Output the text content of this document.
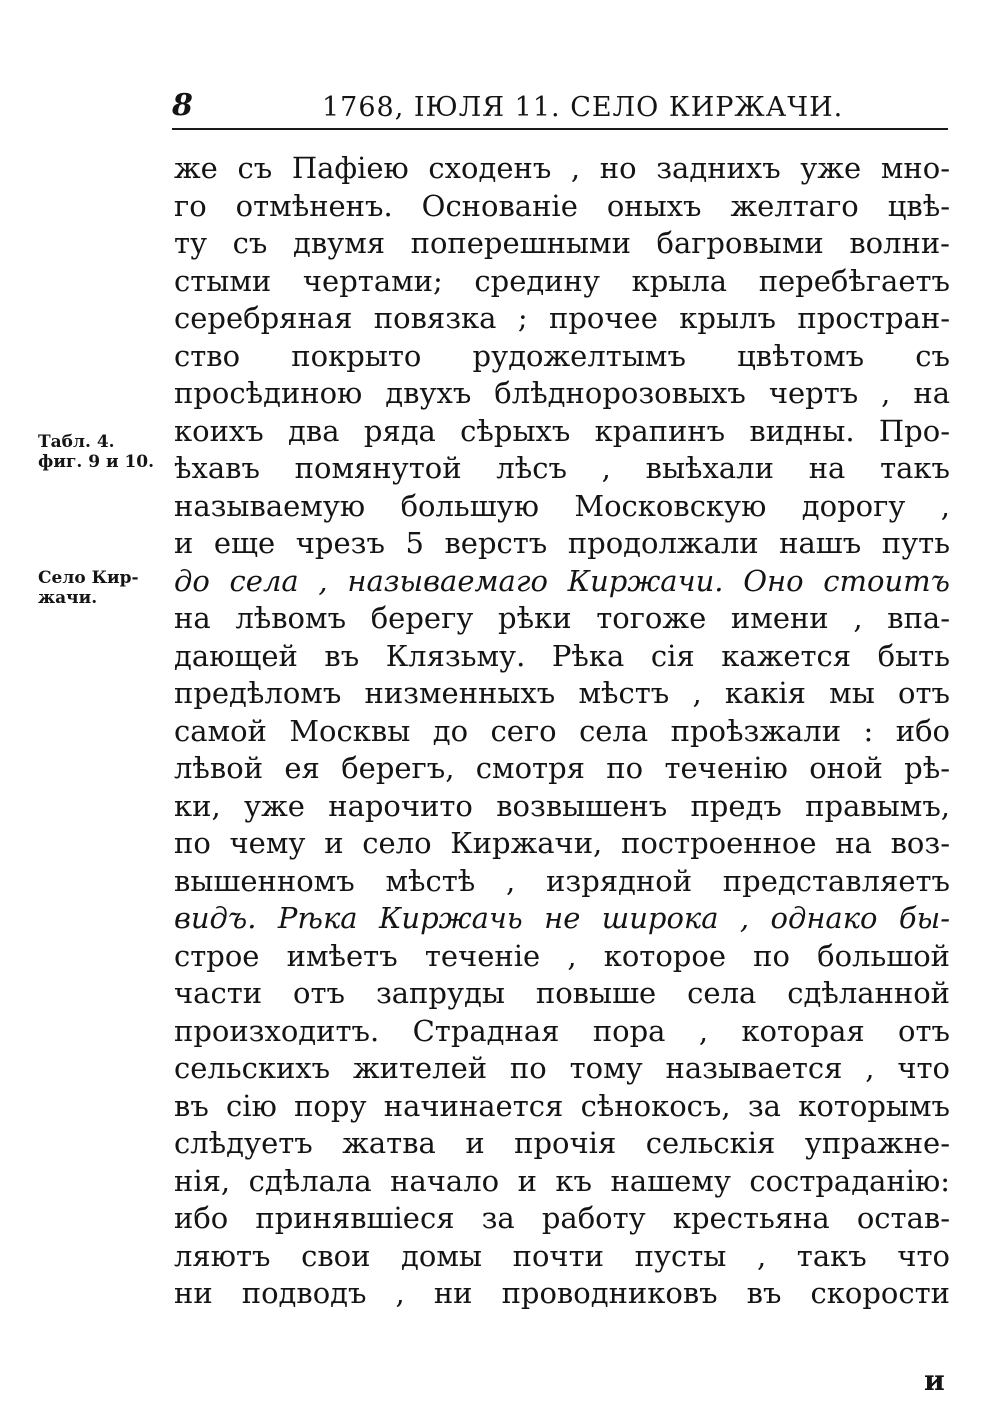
8	1768, ІЮЛЯ 11. СЕЛО КИРЖАЧИ.
Табл. 4.
фиг. 9 и 10.
Село Кир-
жачи.
же съ Пафіею сходенъ , но заднихъ уже мно-
го отмѣненъ. Основаніе оныхъ желтаго цвѣ-
ту съ двумя поперешными багровыми волни-
стыми чертами; средину крыла перебѣгаетъ
серебряная повязка ; прочее крылъ простран-
ство покрыто рудожелтымъ цвѣтомъ съ
просѣдиною двухъ блѣднорозовыхъ чертъ , на
коихъ два ряда сѣрыхъ крапинъ видны. Про-
ѣхавъ помянутой лѣсъ , выѣхали на такъ
называемую большую Московскую дорогу ,
и еще чрезъ 5 верстъ продолжали нашъ путь
до села , называемаго Киржачи. Оно стоитъ
на лѣвомъ берегу рѣки тогоже имени , впа-
дающей въ Клязьму. Рѣка сія кажется быть
предѣломъ низменныхъ мѣстъ , какія мы отъ
самой Москвы до сего села проѣзжали : ибо
лѣвой ея берегъ, смотря по теченію оной рѣ-
ки, уже нарочито возвышенъ предъ правымъ,
по чему и село Киржачи, построенное на воз-
вышенномъ мѣстѣ , изрядной представляетъ
видъ. Рѣка Киржачь не широка , однако бы-
строе имѣетъ теченіе , которое по большой
части отъ запруды повыше села сдѣланной
произходитъ. Страдная пора , которая отъ
сельскихъ жителей по тому называется , что
въ сію пору начинается сѣнокосъ, за которымъ
слѣдуетъ жатва и прочія сельскія упражне-
нія, сдѣлала начало и къ нашему состраданію:
ибо принявшіеся за работу крестьяна остав-
ляютъ свои домы почти пусты , такъ что
ни подводъ , ни проводниковъ въ скорости
и
